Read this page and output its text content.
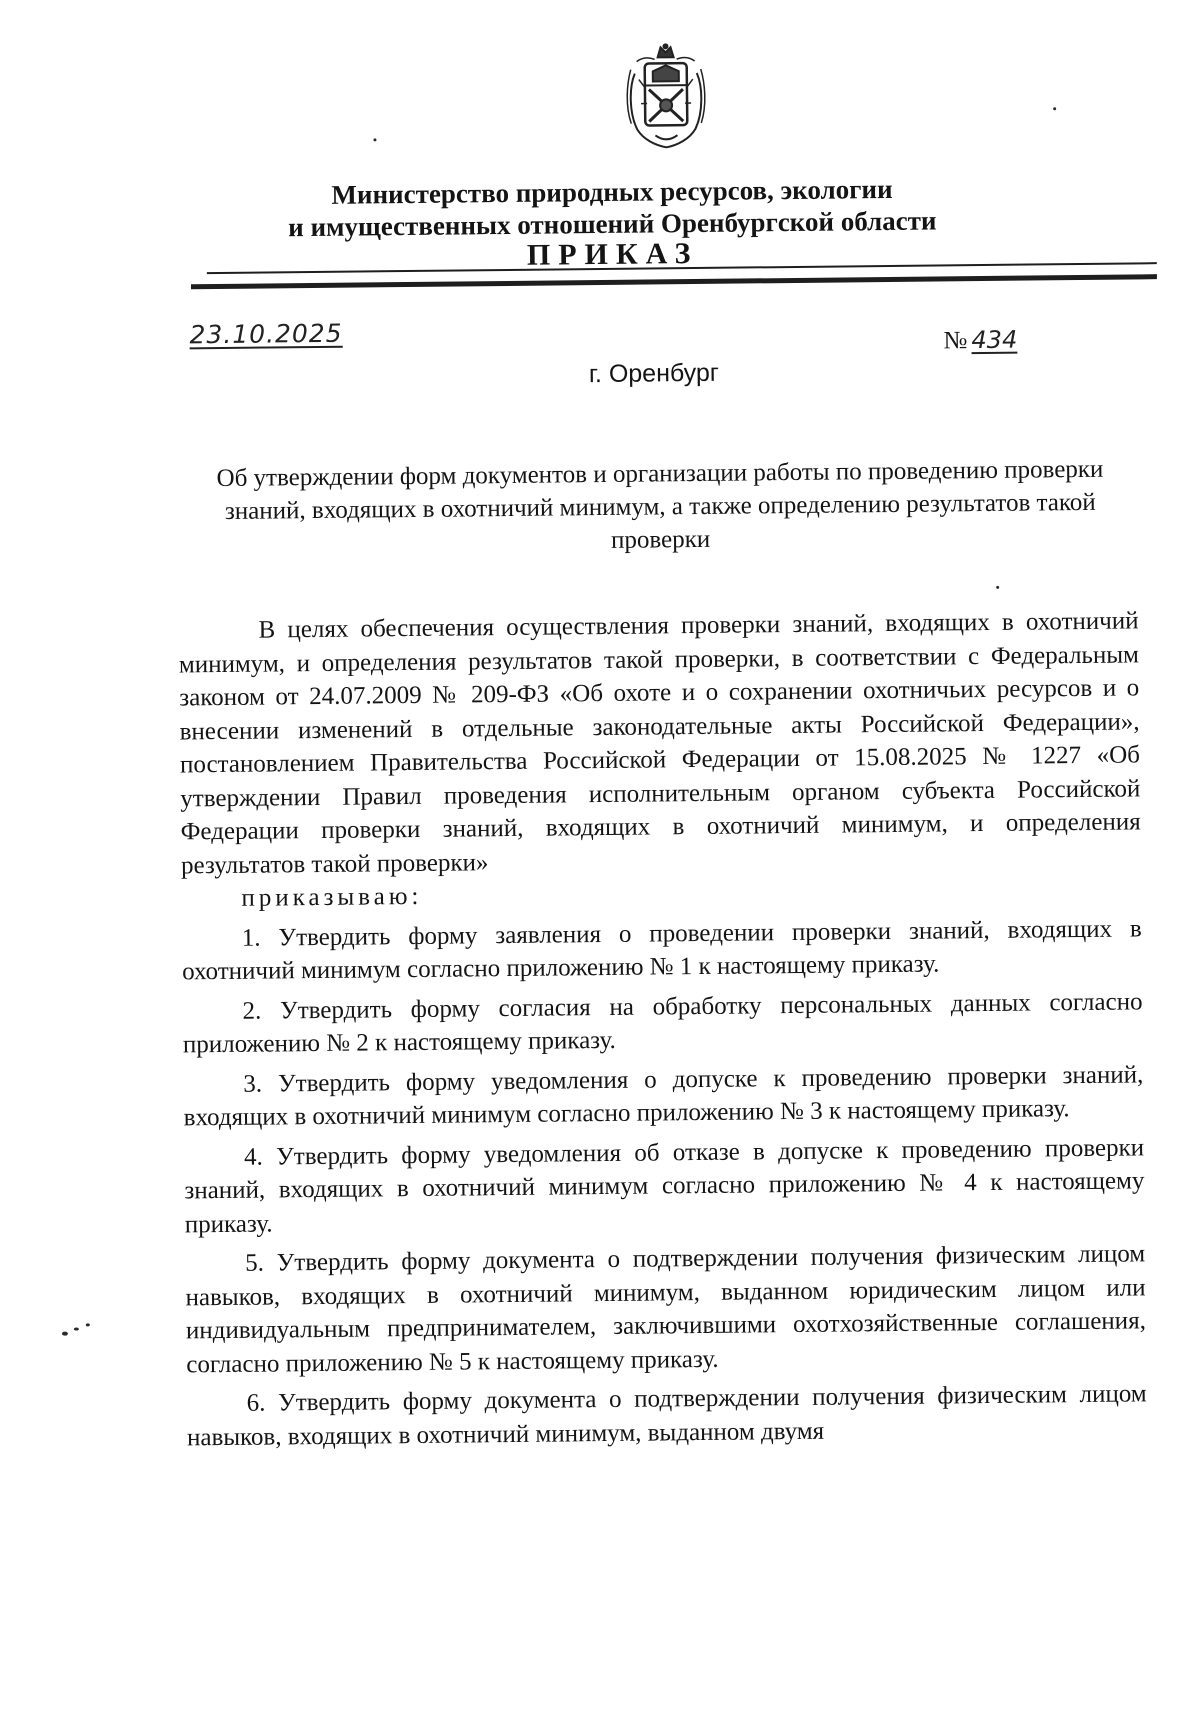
Министерство природных ресурсов, экологии
и имущественных отношений Оренбургской области
ПРИКАЗ
23.10.2025	№ 434
г. Оренбург
Об утверждении форм документов и организации работы по проведению проверки знаний, входящих в охотничий минимум, а также определению результатов такой проверки

В целях обеспечения осуществления проверки знаний, входящих в охотничий минимум, и определения результатов такой проверки, в соответствии с Федеральным законом от 24.07.2009 № 209-ФЗ «Об охоте и о сохранении охотничьих ресурсов и о внесении изменений в отдельные законодательные акты Российской Федерации», постановлением Правительства Российской Федерации от 15.08.2025 № 1227 «Об утверждении Правил проведения исполнительным органом субъекта Российской Федерации проверки знаний, входящих в охотничий минимум, и определения результатов такой проверки»

приказываю:

1. Утвердить форму заявления о проведении проверки знаний, входящих в охотничий минимум согласно приложению № 1 к настоящему приказу.

2. Утвердить форму согласия на обработку персональных данных согласно приложению № 2 к настоящему приказу.

3. Утвердить форму уведомления о допуске к проведению проверки знаний, входящих в охотничий минимум согласно приложению № 3 к настоящему приказу.

4. Утвердить форму уведомления об отказе в допуске к проведению проверки знаний, входящих в охотничий минимум согласно приложению № 4 к настоящему приказу.

5. Утвердить форму документа о подтверждении получения физическим лицом навыков, входящих в охотничий минимум, выданном юридическим лицом или индивидуальным предпринимателем, заключившими охотхозяйственные соглашения, согласно приложению № 5 к настоящему приказу.

6. Утвердить форму документа о подтверждении получения физическим лицом навыков, входящих в охотничий минимум, выданном двумя
